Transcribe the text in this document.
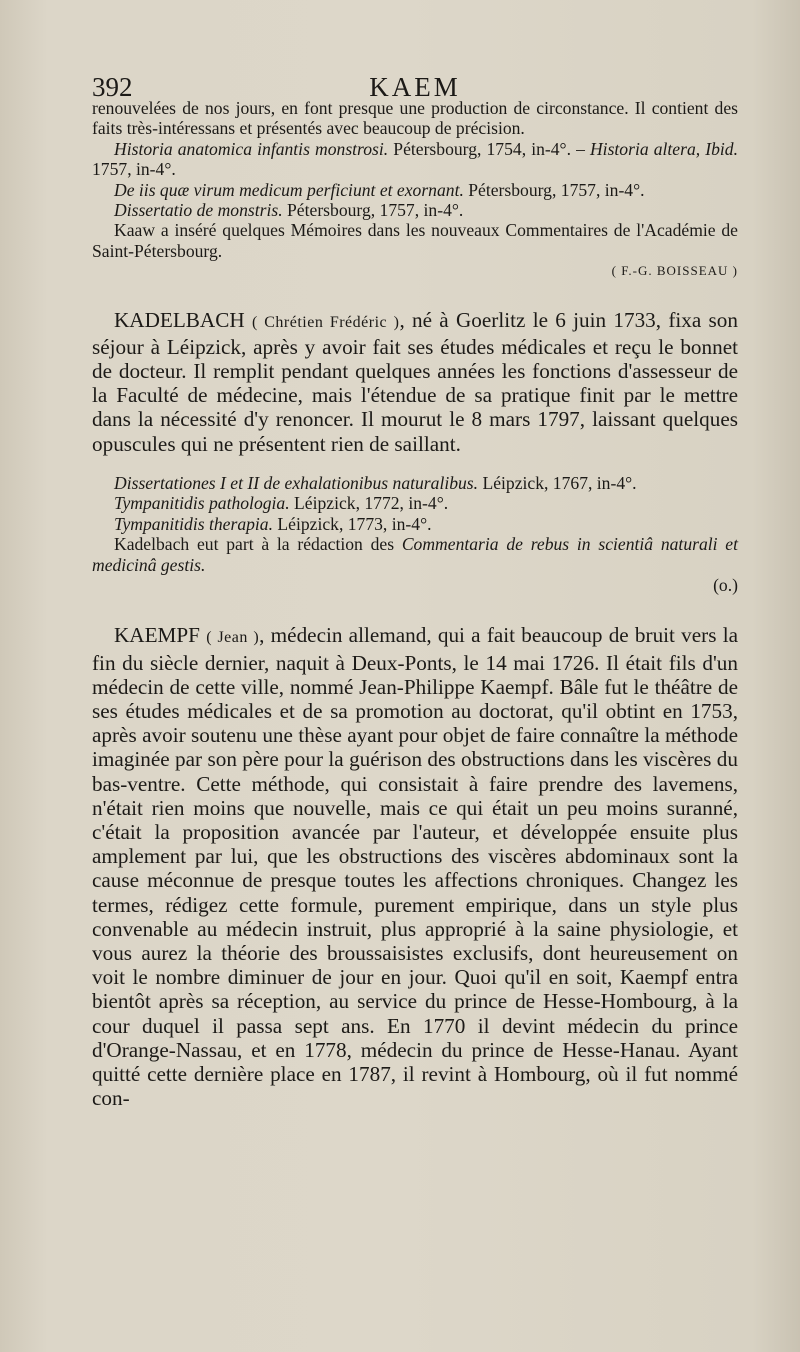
392	KAEM

renouvelées de nos jours, en font presque une production de circonstance. Il contient des faits très-intéressans et présentés avec beaucoup de précision.

Historia anatomica infantis monstrosi. Pétersbourg, 1754, in-4°. – Historia altera, Ibid. 1757, in-4°.

De iis quæ virum medicum perficiunt et exornant. Pétersbourg, 1757, in-4°.

Dissertatio de monstris. Pétersbourg, 1757, in-4°.

Kaaw a inséré quelques Mémoires dans les nouveaux Commentaires de l'Académie de Saint-Pétersbourg.

( F.-G. BOISSEAU )

KADELBACH ( Chrétien Frédéric ), né à Goerlitz le 6 juin 1733, fixa son séjour à Léipzick, après y avoir fait ses études médicales et reçu le bonnet de docteur. Il remplit pendant quelques années les fonctions d'assesseur de la Faculté de médecine, mais l'étendue de sa pratique finit par le mettre dans la nécessité d'y renoncer. Il mourut le 8 mars 1797, laissant quelques opuscules qui ne présentent rien de saillant.

Dissertationes I et II de exhalationibus naturalibus. Léipzick, 1767, in-4°.

Tympanitidis pathologia. Léipzick, 1772, in-4°.

Tympanitidis therapia. Léipzick, 1773, in-4°.

Kadelbach eut part à la rédaction des Commentaria de rebus in scientiâ naturali et medicinâ gestis.

(o.)

KAEMPF ( Jean ), médecin allemand, qui a fait beaucoup de bruit vers la fin du siècle dernier, naquit à Deux-Ponts, le 14 mai 1726. Il était fils d'un médecin de cette ville, nommé Jean-Philippe Kaempf. Bâle fut le théâtre de ses études médicales et de sa promotion au doctorat, qu'il obtint en 1753, après avoir soutenu une thèse ayant pour objet de faire connaître la méthode imaginée par son père pour la guérison des obstructions dans les viscères du bas-ventre. Cette méthode, qui consistait à faire prendre des lavemens, n'était rien moins que nouvelle, mais ce qui était un peu moins suranné, c'était la proposition avancée par l'auteur, et développée ensuite plus amplement par lui, que les obstructions des viscères abdominaux sont la cause méconnue de presque toutes les affections chroniques. Changez les termes, rédigez cette formule, purement empirique, dans un style plus convenable au médecin instruit, plus approprié à la saine physiologie, et vous aurez la théorie des broussaisistes exclusifs, dont heureusement on voit le nombre diminuer de jour en jour. Quoi qu'il en soit, Kaempf entra bientôt après sa réception, au service du prince de Hesse-Hombourg, à la cour duquel il passa sept ans. En 1770 il devint médecin du prince d'Orange-Nassau, et en 1778, médecin du prince de Hesse-Hanau. Ayant quitté cette dernière place en 1787, il revint à Hombourg, où il fut nommé con-
